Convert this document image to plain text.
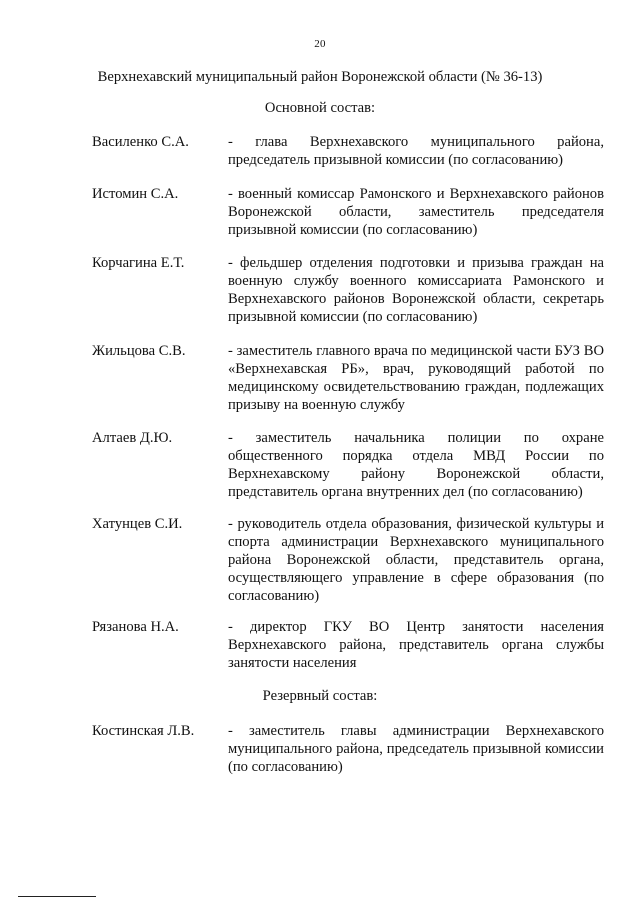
20
Верхнехавский муниципальный район Воронежской области (№ 36-13)
Основной состав:
Василенко С.А.	- глава Верхнехавского муниципального района, председатель призывной комиссии (по согласованию)
Истомин С.А.	- военный комиссар Рамонского и Верхнехавского районов Воронежской области, заместитель председателя призывной комиссии (по согласованию)
Корчагина Е.Т.	- фельдшер отделения подготовки и призыва граждан на военную службу военного комиссариата Рамонского и Верхнехавского районов Воронежской области, секретарь призывной комиссии (по согласованию)
Жильцова С.В.	- заместитель главного врача по медицинской части БУЗ ВО «Верхнехавская РБ», врач, руководящий работой по медицинскому освидетельствованию граждан, подлежащих призыву на военную службу
Алтаев Д.Ю.	- заместитель начальника полиции по охране общественного порядка отдела МВД России по Верхнехавскому району Воронежской области, представитель органа внутренних дел (по согласованию)
Хатунцев С.И.	- руководитель отдела образования, физической культуры и спорта администрации Верхнехавского муниципального района Воронежской области, представитель органа, осуществляющего управление в сфере образования (по согласованию)
Рязанова Н.А.	- директор ГКУ ВО Центр занятости населения Верхнехавского района, представитель органа службы занятости населения
Резервный состав:
Костинская Л.В. - заместитель главы администрации Верхнехавского муниципального района, председатель призывной комиссии (по согласованию)
